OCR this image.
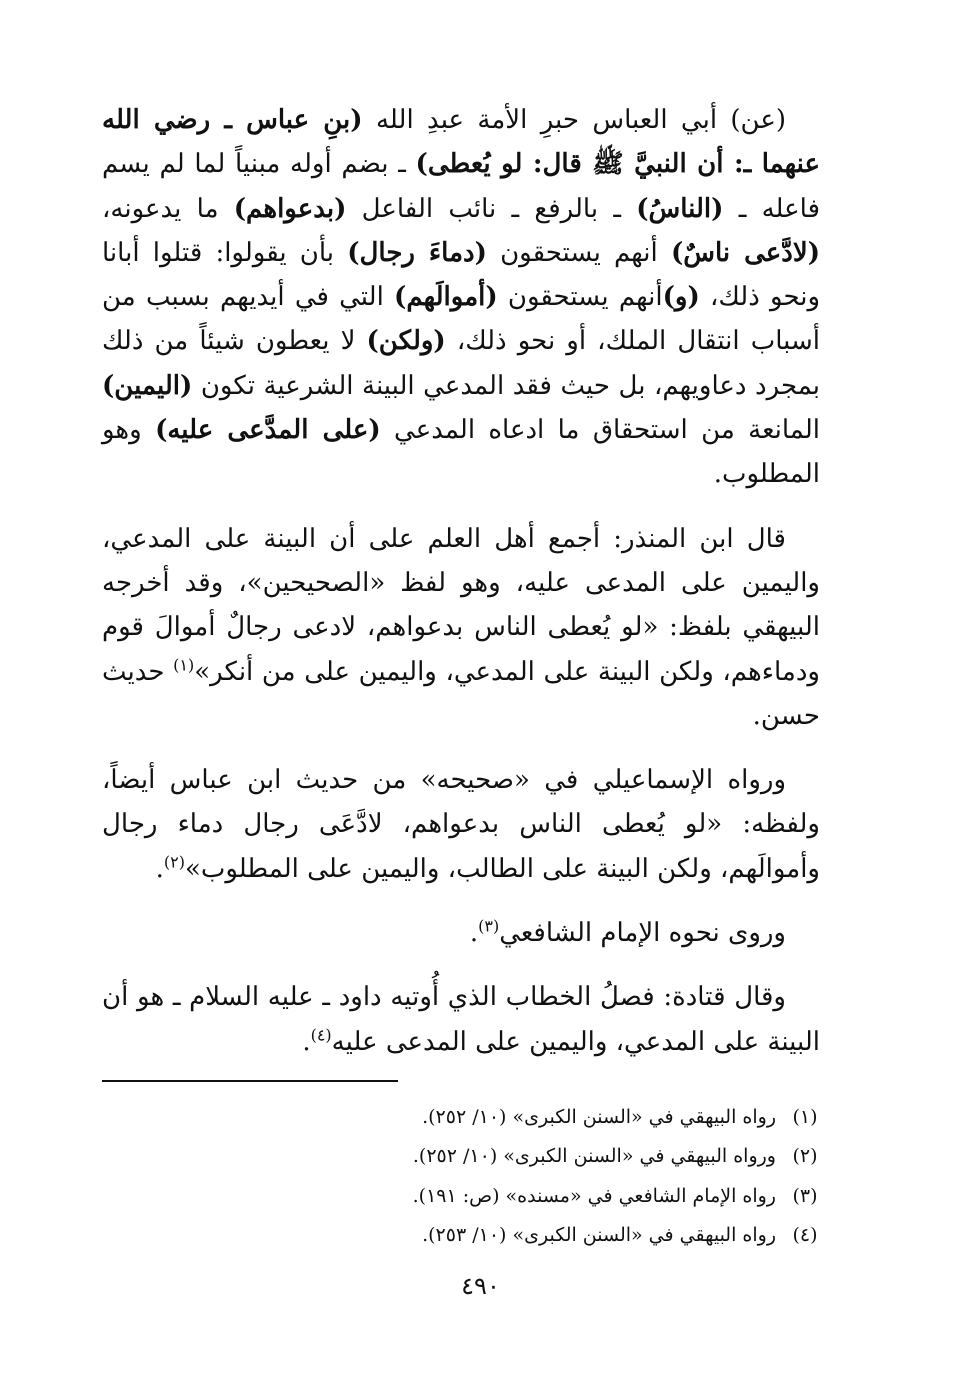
(عن) أبي العباس حبرِ الأمة عبدِ الله (بنِ عباس ـ رضي الله عنهما ـ: أن النبيَّ ﷺ قال: لو يُعطى) ـ بضم أوله مبنياً لما لم يسم فاعله ـ (الناسُ) ـ بالرفع ـ نائب الفاعل (بدعواهم) ما يدعونه، (لادَّعى ناسٌ) أنهم يستحقون (دماءَ رجال) بأن يقولوا: قتلوا أبانا ونحو ذلك، (و)أنهم يستحقون (أموالَهم) التي في أيديهم بسبب من أسباب انتقال الملك، أو نحو ذلك، (ولكن) لا يعطون شيئاً من ذلك بمجرد دعاويهم، بل حيث فقد المدعي البينة الشرعية تكون (اليمين) المانعة من استحقاق ما ادعاه المدعي (على المدَّعى عليه) وهو المطلوب.

قال ابن المنذر: أجمع أهل العلم على أن البينة على المدعي، واليمين على المدعى عليه، وهو لفظ «الصحيحين»، وقد أخرجه البيهقي بلفظ: «لو يُعطى الناس بدعواهم، لادعى رجالٌ أموالَ قوم ودماءهم، ولكن البينة على المدعي، واليمين على من أنكر»$^{(١)}$ حديث حسن.

ورواه الإسماعيلي في «صحيحه» من حديث ابن عباس أيضاً، ولفظه: «لو يُعطى الناس بدعواهم، لادَّعَى رجال دماء رجال وأموالَهم، ولكن البينة على الطالب، واليمين على المطلوب»$^{(٢)}$.

وروى نحوه الإمام الشافعي$^{(٣)}$.

وقال قتادة: فصلُ الخطاب الذي أُوتيه داود ـ عليه السلام ـ هو أن البينة على المدعي، واليمين على المدعى عليه$^{(٤)}$.

(١)
رواه البيهقي في «السنن الكبرى» (١٠/ ٢٥٢).

(٢)
ورواه البيهقي في «السنن الكبرى» (١٠/ ٢٥٢).

(٣)
رواه الإمام الشافعي في «مسنده» (ص: ١٩١).

(٤)
رواه البيهقي في «السنن الكبرى» (١٠/ ٢٥٣).

٤٩٠
